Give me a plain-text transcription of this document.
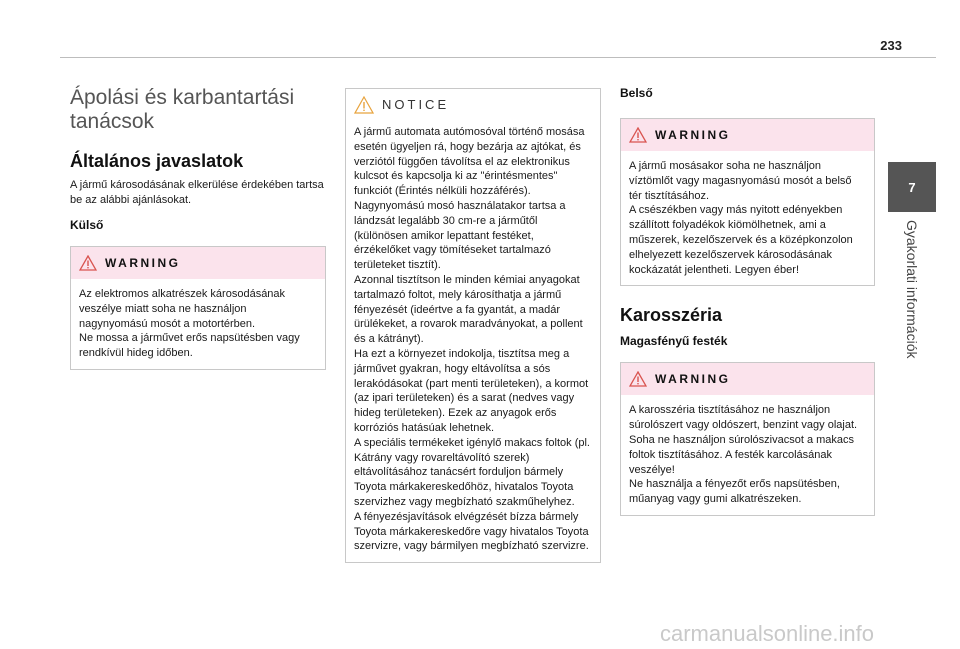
233
Ápolási és karbantartási tanácsok
Általános javaslatok
A jármű károsodásának elkerülése érdekében tartsa be az alábbi ajánlásokat.
Külső
WARNING
Az elektromos alkatrészek károsodásának veszélye miatt soha ne használjon nagynyomású mosót a motortérben.
Ne mossa a járművet erős napsütésben vagy rendkívül hideg időben.
NOTICE
A jármű automata autómosóval történő mosása esetén ügyeljen rá, hogy bezárja az ajtókat, és verziótól függően távolítsa el az elektronikus kulcsot és kapcsolja ki az "érintésmentes" funkciót (Érintés nélküli hozzáférés).
Nagynyomású mosó használatakor tartsa a lándzsát legalább 30 cm-re a járműtől (különösen amikor lepattant festéket, érzékelőket vagy tömítéseket tartalmazó területeket tisztít).
Azonnal tisztítson le minden kémiai anyagokat tartalmazó foltot, mely károsíthatja a jármű fényezését (ideértve a fa gyantát, a madár ürülékeket, a rovarok maradványokat, a pollent és a kátrányt).
Ha ezt a környezet indokolja, tisztítsa meg a járművet gyakran, hogy eltávolítsa a sós lerakódásokat (part menti területeken), a kormot (az ipari területeken) és a sarat (nedves vagy hideg területeken). Ezek az anyagok erős korróziós hatásúak lehetnek.
A speciális termékeket igénylő makacs foltok (pl. Kátrány vagy rovareltávolító szerek) eltávolításához tanácsért forduljon bármely Toyota márkakereskedőhöz, hivatalos Toyota szervizhez vagy megbízható szakműhelyhez.
A fényezésjavítások elvégzését bízza bármely Toyota márkakereskedőre vagy hivatalos Toyota szervizre, vagy bármilyen megbízható szervizre.
Belső
WARNING
A jármű mosásakor soha ne használjon víztömlőt vagy magasnyomású mosót a belső tér tisztításához.
A csészékben vagy más nyitott edényekben szállított folyadékok kiömölhetnek, ami a műszerek, kezelőszervek és a középkonzolon elhelyezett kezelőszervek károsodásának kockázatát jelentheti. Legyen éber!
Karosszéria
Magasfényű festék
WARNING
A karosszéria tisztításához ne használjon súrolószert vagy oldószert, benzint vagy olajat.
Soha ne használjon súrolószivacsot a makacs foltok tisztításához. A festék karcolásának veszélye!
Ne használja a fényezőt erős napsütésben, műanyag vagy gumi alkatrészeken.
7
Gyakorlati információk
carmanualsonline.info
